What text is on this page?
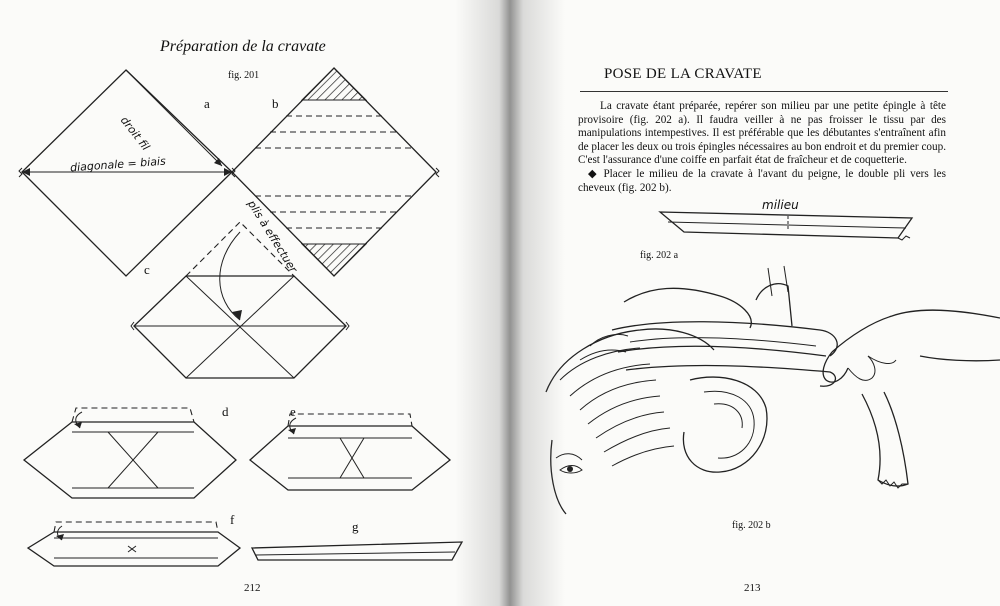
Préparation de la cravate
fig. 201
a	b
c
d	e
f	g
droit fil
diagonale = biais
plis à effectuer
212
POSE DE LA CRAVATE
La cravate étant préparée, repérer son milieu par une petite épingle à tête provisoire (fig. 202 a). Il faudra veiller à ne pas froisser le tissu par des manipulations intempestives. Il est préférable que les débutantes s'entraînent afin de placer les deux ou trois épingles nécessaires au bon endroit et du premier coup. C'est l'assurance d'une coiffe en parfait état de fraîcheur et de coquetterie.
◆ Placer le milieu de la cravate à l'avant du peigne, le double pli vers les cheveux (fig. 202 b).
milieu
fig. 202 a
fig. 202 b
213
